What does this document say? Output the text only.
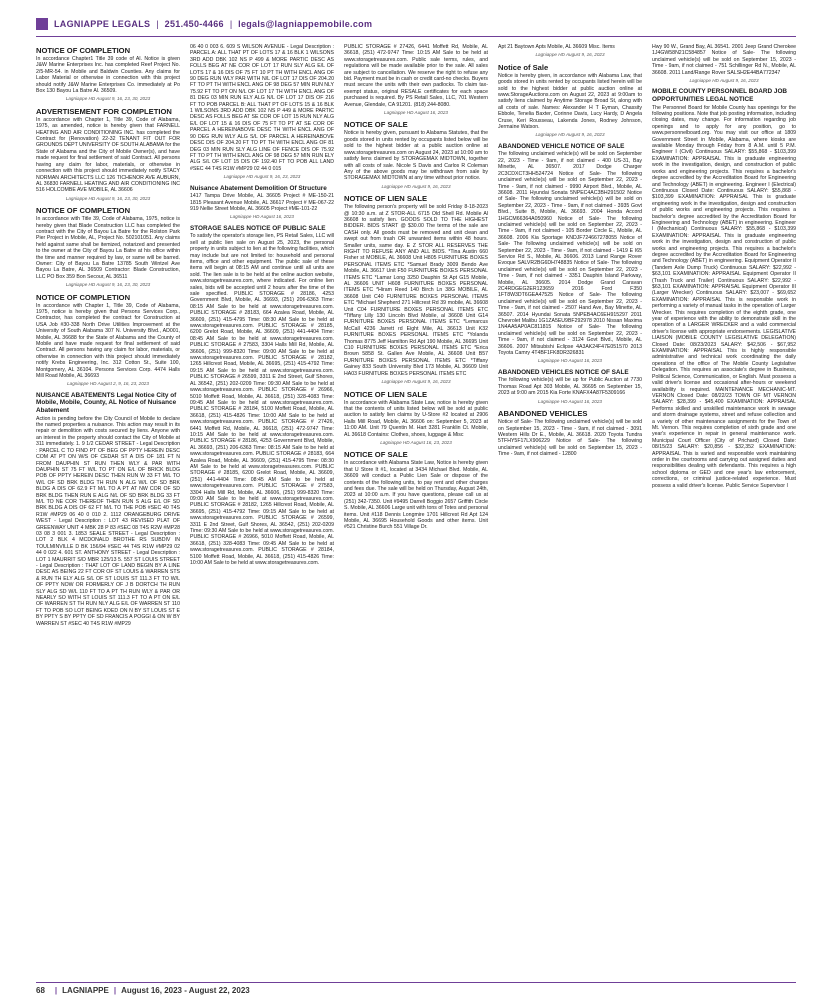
LAGNIAPPE LEGALS | 251.450-4466 | legals@lagniappemobile.com
NOTICE OF COMPLETION
In accordance Chapter1 Title 39 code of Al. Notice is given J&W Marine Enterprises Inc. has completed Reef Project No. 2/5-MR-54. in Mobile and Baldwin Counties. Any claims for Labor Material or otherwise in connection with this project should notify J&W Marine Enterprises Co. immediately at Po Box 130 Bayou La Batre Al. 36509.
Lagniappe HD August 9, 16, 23, 30, 2023
ADVERTISEMENT FOR COMPLETION
In accordance with Chapter 1, Title 39, Code of Alabama, 1975, as amended, notice is hereby given that FARNELL HEATING AND AIR CONDITIONING INC. has completed the Contract for (Renovation) 22-32 TENANT FIT OUT FOR GROUNDS DEPT UNIVERSITY OF SOUTH ALABAMA for the State of Alabama and the City of Mobile Owner(s), and have made request for final settlement of said Contract. All persons having any claim for labor, materials, or otherwise in connection with this project should immediately notify STACY NORMAN ARCHITECTS LLC 126 TICHENOR AVE AUBURN, AL 36830 FARNELL HEATING AND AIR CONDITIONING INC 516 HOLCOMBE AVE MOBILE, AL 36606
Lagniappe HD August 9, 16, 23, 30, 2023
NOTICE OF COMPLETION
In accordance with Title 39, Code of Alabama, 1975, notice is hereby given that Blade Construction LLC has completed the contract with the City of Bayou La Batre for the Rolston Park Pier Project in Mobile, AL, Project No. 502101051. Any claims held against same shall be itemized, notarized and presented to the owner at the City of Bayou La Batre at his office within the time and manner required by law, or same will be barred. Owner: City of Bayou La Batre 13785 South Wintzel Ave Bayou La Batre, AL 36509 Contractor: Blade Construction, LLC PO Box 359 Bon Secour, AL 36511
Lagniappe HD August 9, 16, 23, 30, 2023
NOTICE OF COMPLETION
In accordance with Chapter 1, Title 39, Code of Alabama, 1975, notice is hereby given that Persons Services Corp., Contractor, has completed the contract for Construction at USA Job #30-338 North Drive Utilities Improvement at the University of South Alabama 307 N. University Blvd., AD001, Mobile, AL 36688 for the State of Alabama and the County of Mobile and have made request for final settlement of said Contract. All persons having any claim for labor, materials, or otherwise in connection with this project should immediately notify Krebs Engineering, Inc. 312 Cotton St., Suite 100, Montgomery, AL 36104. Persons Services Corp. 4474 Halls Mill Road Mobile, AL 36693
Lagniappe HD August 2, 9, 16, 23, 2023
NUISANCE ABATEMENTS Legal Notice City of Mobile, Mobile, County, AL Notice of Nuisance Abatement
Action is pending before the City Council of Mobile to declare the named properties a nuisance. This action may result in its repair or demolition with costs secured by liens. Anyone with an interest in the property should contact the City of Mobile at 311 immediately. 1. 9 1/2 CEDAR STREET - Legal Description : PARCEL C TO FIND PT OF BEG OF PPTY HEREIN DESC COM AT PT ON W/S OF CEDAR ST A DIS OF 181 FT N FROM DAUPHIN ST RUN THEN WLY & PAR WITH DAUPHIN ST 75 FT W/L TO PT ON E/L OF BRICK BLDG POB OF PPTY HEREIN DESC THEN RUN W 33 FT M/L TO W/L OF SD BRK BLDG TH RUN N ALG W/L OF SD BRK BLDG A DIS OF 62.9 FT M/L TO A PT AT NW COR OF SD BRK BLDG THEN RUN E ALG N/L OF SD BRK BLDG 33 FT M/L TO NE COR THEREOF THEN RUN S ALG E/L OF SD BRK BLDG A DIS OF 62 FT M/L TO THE POB #SEC 40 T4S R1W #MP29 06 40 0 010 2. 1112 ORANGEBURG DRIVE WEST - Legal Description : LOT 43 REVISED PLAT OF GREENWAY UNIT 4 MBK 28 P 83 #SEC 08 T4S R2W #MP28 03 08 3 001 3. 1853 SEALE STREET - Legal Description : LOT 2 BLK 4 MCDONALD BROTHE RS SUBDIV IN TOULMINVILLE D BK 156/94 #SEC 44 T4S R1W #MP29 02 44 0 022 4. 601 ST. ANTHONY STREET - Legal Description : LOT 1 MAURRIT S/D MBR 125/13 5. 557 ST LOUIS STREET - Legal Description : THAT LOT OF LAND BEGIN BY A LINE DESC AS BEING 22 FT COR OF ST LOUIS & WARREN STS & RUN TH ELY ALG S/L OF ST LOUIS ST 111.3 FT TO W/L OF PPTY NOW OR FORMERLY OF J B DORTCH TH RUN SLY ALG SD W/L 110 FT TO A PT TH RUN WLY & PAR OR NEARLY SO WITH ST LOUIS ST 111.3 FT TO A PT ON E/L OF WARREN ST TH RUN NLY ALG E/L OF WARREN ST 110 FT TO POB SO LOT BEING KDED ON N BY ST LOUIS ST E BY PPTY S BY PPTY OF SD FRANCIS A POGGI & ON W BY WARREN ST #SEC 40 T4S R1W #MP29
06 40 0 003 6. 609 S WILSON AVENUE - Legal Description : PARCEL A: ALL THAT PT OF LOTS 17 & 16 BLK 1 WILSONS 3RD ADD DBK 102 NS P 499 & MORE PARTIC DESC AS FOLLS BEG AT NE COR OF LOT 17 RUN SLY ALG E/L OF LOTS 17 & 16 DIS OF 75 FT 10 PT TH WITH ENCL ANG OF 90 DEG RUN WLY PAR WITH N/L OF LOT 17 DIS OF 204.20 FT TO PT TH WITH ENCL ANG OF 98 DEG 57 MIN RUN NLY 75.92 FT TO PT ON N/L OF LOT 17 TH WITH ENCL ANG OF 81 DEG 03 MIN RUN ELY ALG N/L OF LOT 17 DIS OF 216 FT TO POB PARCEL B: ALL THAT PT OF LOTS 15 & 16 BLK 1 WILSONS 3RD ADD DBK 102 NS P 449 & MORE PARTIC DESC AS FOLLS BEG AT SE COR OF LOT 15 RUN NLY ALG E/L OF LOT 15 & 16 DIS OF 75 FT TO PT AT SE COR OF PARCEL A HEREINABOVE DESC TH WITH ENCL ANG OF 90 DEG RUN WLY ALG S/L OF PARCEL A HEREINABOVE DESC DIS OF 204.20 FT TO PT TH WITH ENCL ANG OF 81 DEG 03 MIN RUN SLY ALG LINE OF FENCE DIS OF 75.92 FT TO PT TH WITH ENCL ANG OF 98 DEG 57 MIN RUN ELY ALG S/L OF LOT 15 DIS OF 192.40 FT TO POB ALL LAND #SEC 44 T4S R1W #MP29 02 44 0 015
Lagniappe HD August 9, 16, 23, 2023
Nuisance Abatement Demolition Of Structure
1417 Tampa Drive Mobile, AL 36605 Project # ME-150-21 1815 Pleasant Avenue Mobile, AL 36617 Project # ME-067-22 919 Nellie Street Mobile, AL 36605 Project #ME-101-22
Lagniappe HD August 16, 2023
STORAGE SALES NOTICE OF PUBLIC SALE
To satisfy the operator's storage lien, PS Retail Sales, LLC will sell at public lien sale on August 25, 2023, the personal property in units subject to lien at the following facilities, which may include but are not limited to: household and personal items, office and other equipment. The public sale of these items will begin at 08:15 AM and continue until all units are sold. The lien sale is to be held at the online auction website, www.storagetreasures.com, where indicated. For online lien sales, bids will be accepted until 2 hours after the time of the sale specified. PUBLIC STORAGE # 28186, 4253 Government Blvd, Mobile, AL 36693, (251) 206-6363 Time: 08:15 AM Sale to be held at www.storagetreasures.com. PUBLIC STORAGE # 28183, 664 Azalea Road, Mobile, AL 36609, (251) 415-4795 Time: 08:30 AM Sale to be held at www.storagetreasures.com. PUBLIC STORAGE # 28185, 6200 Grelot Road, Mobile, AL 36609, (251) 441-4404 Time: 08:45 AM Sale to be held at www.storagetreasures.com. PUBLIC STORAGE # 27583, 3304 Halls Mill Rd, Mobile, AL 36606, (251) 999-8320 Time: 09:00 AM Sale to be held at www.storagetreasures.com. PUBLIC STORAGE # 28182, 1265 Hillcrest Road, Mobile, AL 36695, (251) 415-4792 Time: 09:15 AM Sale to be held at www.storagetreasures.com. PUBLIC STORAGE # 26599, 3311 E 2nd Street, Gulf Shores, AL 36542, (251) 202-0209 Time: 09:30 AM Sale to be held at www.storagetreasures.com. PUBLIC STORAGE # 26966, 5010 Moffett Road, Mobile, AL 36618, (251) 328-4083 Time: 09:45 AM Sale to be held at www.storagetreasures.com. PUBLIC STORAGE # 28184, 5100 Moffett Road, Mobile, AL 36618, (251) 415-4826 Time: 10:00 AM Sale to be held at www.storagetreasures.com. PUBLIC STORAGE # 27426, 6441 Moffett Rd, Mobile, AL 36618, (251) 472-9747 Time: 10:15 AM Sale to be held at www.storagetreasures.com. PUBLIC STORAGE # 28186, 4253 Government Blvd, Mobile, AL 36693, (251) 206-6363 Time: 08:15 AM Sale to be held at www.storagetreasures.com. PUBLIC STORAGE # 28183, 664 Azalea Road, Mobile, AL 36609, (251) 415-4795 Time: 08:30 AM Sale to be held at www.storagetreasures.com. PUBLIC STORAGE # 28185, 6200 Grelot Road, Mobile, AL 36609, (251) 441-4404 Time: 08:45 AM Sale to be held at www.storagetreasures.com. PUBLIC STORAGE # 27583, 3304 Halls Mill Rd, Mobile, AL 36606, (251) 999-8320 Time: 09:00 AM Sale to be held at www.storagetreasures.com. PUBLIC STORAGE # 28182, 1265 Hillcrest Road, Mobile, AL 36695, (251) 415-4792 Time: 09:15 AM Sale to be held at www.storagetreasures.com. PUBLIC STORAGE # 26599, 3311 E 2nd Street, Gulf Shores, AL 36542, (251) 202-0209 Time: 09:30 AM Sale to be held at www.storagetreasures.com. PUBLIC STORAGE # 26966, 5010 Moffett Road, Mobile, AL 36618, (251) 328-4083 Time: 09:45 AM Sale to be held at www.storagetreasures.com. PUBLIC STORAGE # 28184, 5100 Moffett Road, Mobile, AL 36618, (251) 415-4826 Time: 10:00 AM Sale to be held at www.storagetreasures.com.
PUBLIC STORAGE # 27426, 6441 Moffett Rd, Mobile, AL 36618, (251) 472-9747 Time: 10:15 AM Sale to be held at www.storagetreasures.com. Public sale terms, rules, and regulations will be made available prior to the sale. All sales are subject to cancellation. We reserve the right to refuse any bid. Payment must be in cash or credit card-no checks. Buyers must secure the units with their own padlocks. To claim tax-exempt status, original RESALE certificates for each space purchased is required. By PS Retail Sales, LLC, 701 Western Avenue, Glendale, CA 91201. (818) 244-8080.
Lagniappe HD August 16, 2023
NOTICE OF SALE
Notice is hereby given, pursuant to Alabama Statutes, that the goods stored in units rented by occupants listed below will be sold to the highest bidder at a public auction online at www.storagetreasures.com on August 24, 2023 at 10:00 am to satisfy liens claimed by STORAGEMAX MIDTOWN, together with all costs of sale. Nicole S Davis and Carlos R Coleman Any of the above goods may be withdrawn from sale by STORAGEMAX MIDTOWN at any time without prior notice.
Lagniappe HD August 9, 16, 2023
NOTICE OF LIEN SALE
The following person's property will be sold Friday 8-18-2023 @ 10:30 a.m. at Z STOR-ALL 6715 Old Shell Rd. Mobile Al 36608 to satisfy lien. GOODS SOLD TO THE HIGHEST BIDDER. BIDS START @ $30.00 The terms of the sale are CASH only. All goods must be removed and unit clean and swept out from trash OR unwanted items within 48 hours. Smaller units, same day. E Z STOR ALL RESERVES THE RIGHT TO REFUSE ANY AND ALL BIDS. *Tina Austin 660 Fisher st MOBILE, AL 36608 Unit H805 FURNITURE BOXES PERSONAL ITEMS ETC *Samuel Brady 3009 Bendo Ave Mobile, AL 36617 Unit F50 FURNITURE BOXES PERSONAL ITEMS ETC *Lamar Long 3250 Dauphin St Apt G15 Mobile, AL 36606 UNIT H608 FURNITURE BOXES PERSONAL ITEMS ETC *Hiram Reed 140 Birch Ln 38G MOBILE, AL 36608 Unit C40 FURNITURE BOXES PERSONAL ITEMS ETC *Michael Shepherd 271 Hillcrest Rd 39 mobile, AL 36608 Unit C04 FURNITURE BOXES PERSONAL ITEMS ETC *Tiffany Lilly 130 Lincoln Blvd Mobile, al 36608 Unit G14 FURNITURE BOXES PERSONAL ITEMS ETC *Lemarcus McCall 4236 Jarrett rd Eight Mile, AL 36613 Unit K32 FURNITURE BOXES PERSONAL ITEMS ETC *Yolanda Thomas 8775 Jeff Hamilton Rd Apt 190 Mobile, AL 36695 Unit C10 FURNITURE BOXES PERSONAL ITEMS ETC *Erica Brown 5858 St. Gallen Ave Mobile, AL 36608 Unit B57 FURNITURE BOXES PERSONAL ITEMS ETC *Tiffany Gainey 833 South University Blvd 173 Mobile, AL 36609 Unit HA03 FURNITURE BOXES PERSONAL ITEMS ETC
Lagniappe HD August 9, 16, 2023
NOTICE OF LIEN SALE
In accordance with Alabama State Law, notice is hereby given that the contents of units listed below will be sold at public auction to satisfy lien claims by U-Store #2 located at 2906 Halls Mill Road, Mobile, AL 36606 on: September 5, 2023 at 11:00 AM. Unit 79 Quentin M. Hart 3281 Franklin Ct. Mobile, AL 36618 Contains: Clothes, shoes, luggage & Misc
Lagniappe HD August 16, 23, 2023
NOTICE OF SALE
In accordance with Alabama State Law, Notice is hereby given that U Store It #1, located at 3434 Michael Blvd. Mobile, AL 36609 will conduct a Public Lien Sale or dispose of the contents of the following units, to pay rent and other charges and fees due. The sale will be held on Thursday, August 24th, 2023 at 10:00 a.m. If you have questions, please call us at (251) 342-7350. Unit #9495 Darrell Boggio 2657 Griffith Circle S. Mobile, AL 36606 Large unit with tons of Totes and personal items. Unit #118 Dennis Longmire 1701 Hillcrest Rd Apt 124 Mobile, AL 36695 Household Goods and other items. Unit #521 Christine Burch 551 Village Dr.
Apt 21 Baytown Apts Mobile, AL 36609 Misc. Items
Lagniappe HD August 9, 16, 2023
Notice of Sale
Notice is hereby given, in accordance with Alabama Law, that goods stored in units rented by occupants listed herein will be sold to the highest bidder at public auction online at www.StorageAuctions.com on August 22, 2023 at 9:00am to satisfy liens claimed by Anytime Storage Broad St, along with all costs of sale. Names: Alexander H T Eyman, Chassity Ebbole, Tenelia Baxter, Corinne Davis, Lucy Hardy, D Angela Cruse, Keri Rousseau, Lakenda Jones, Rodney Johnson, Jermaine Watson.
Lagniappe HD August 9, 16, 2023
ABANDONED VEHICLE NOTICE OF SALE
The following unclaimed vehicle(s) will be sold on September 22, 2023 - Time - 9am, if not claimed - 400 US-31, Bay Minette, AL 36507. 2017 Dodge Charger 2C3CDXCT3HH524724 Notice of Sale- The following unclaimed vehicle(s) will be sold on September 22, 2023 - Time - 9am, if not claimed - 9990 Airport Blvd., Mobile, AL 36608. 2011 Hyundai Sonata 5NPEC4AC3BH291502 Notice of Sale- The following unclaimed vehicle(s) will be sold on September 22, 2023 - Time - 9am, if not claimed - 3935 Govt Blvd., Suite B, Mobile, AL 36693. 2004 Honda Accord 1HGCM66364A050960 Notice of Sale- The following unclaimed vehicle(s) will be sold on September 22, 2023 - Time - 9am, if not claimed - 105 Border Circle E., Mobile, AL 36608. 2006 Kia Sportage KNDJF724667278055 Notice of Sale- The following unclaimed vehicle(s) will be sold on September 22, 2023 - Time - 9am, if not claimed - 1419 E I65 Service Rd S., Mobile, AL 36606. 2013 Land Range Rover Evoque SALVR2BG6DH748835 Notice of Sale- The following unclaimed vehicle(s) will be sold on September 22, 2023 - Time - 9am, if not claimed - 3351 Dauphin Island Parkway, Mobile, AL 36605. 2014 Dodge Grand Caravan 2C4RDGEG2ER123659 2016 Ford F350 1FT8W3DT6GEA47525 Notice of Sale- The following unclaimed vehicle(s) will be sold on September 22, 2023 - Time - 9am, if not claimed - 2507 Hand Ave, Bay Minette, AL 36507. 2014 Hyundai Sonata 5NPEB4AC6EH915297 2011 Chevrolet Malibu 1G1ZA5EU9BF292978 2010 Nissan Maxima 1N4AA5AP0AC811815 Notice of Sale- The following unclaimed vehicle(s) will be sold on September 22, 2023 - Time - 9am, if not claimed - 3124 Govt Blvd., Mobile, AL 36606. 2007 Mitsubishi Eclipse 4A3AK24F47E051570 2013 Toyota Camry 4T4BF1FK8DR326831
Lagniappe HD August 16, 2023
ABANDONED VEHICLES NOTICE OF SALE
The following vehicle(s) will be up for Public Auction at 7730 Thomas Road Apt 303 Mobile, AL 36695 on September 15, 2023 at 9:00 am 2015 Kia Forte KNAFX4A87F5309166
Lagniappe HD August 16, 2023
ABANDONED VEHICLES
Notice of Sale- The following unclaimed vehicle(s) will be sold on September 15, 2023 - Time - 9am, if not claimed - 3091 Western Hills Dr E., Mobile, AL 36618. 2020 Toyota Tundra 5TFHY5F17LX906229 Notice of Sale- The following unclaimed vehicle(s) will be sold on September 15, 2023 - Time - 9am, if not claimed - 12800
Hwy 90 W., Grand Bay, AL 36541. 2001 Jeep Grand Cherokee 1J4GW58N21C584857 Notice of Sale- The following unclaimed vehicle(s) will be sold on September 15, 2023 - Time - 9am, if not claimed - 751 Schillinger Rd N., Mobile, AL 36608. 2011 Land/Range Rover SALSH2E44BA772347
Lagniappe HD August 9, 16, 2023
MOBILE COUNTY PERSONNEL BOARD JOB OPPORTUNITIES LEGAL NOTICE
The Personnel Board for Mobile County has openings for the following positions. Note that job posting information, including closing dates, may change. For information regarding job openings and to apply for any position, go to www.personnelboard.org. You may visit our office at 1809 Government Street in Mobile, Alabama, where kiosks are available Monday through Friday from 8 A.M. until 5 P.M. Engineer I (Civil) Continuous SALARY: $55,868 - $103,399 EXAMINATION: APPRAISAL This is graduate engineering work in the investigation, design, and construction of public works and engineering projects. This requires a bachelor's degree accredited by the Accreditation Board for Engineering and Technology (ABET) in engineering. Engineer I (Electrical) Continuous Closed Date: Continuous SALARY: $55,868 - $103,399 EXAMINATION: APPRAISAL This is graduate engineering work in the investigation, design and construction of public works and engineering projects. This requires a bachelor's degree accredited by the Accreditation Board for Engineering and Technology (ABET) in engineering. Engineer I (Mechanical) Continuous SALARY: $55,868 - $103,399 EXAMINATION: APPRAISAL This is graduate engineering work in the investigation, design and construction of public works and engineering projects. This requires a bachelor's degree accredited by the Accreditation Board for Engineering and Technology (ABET) in engineering. Equipment Operator II (Tandem Axle Dump Truck) Continuous SALARY: $22,992 - $63,101 EXAMINATION: APPRAISAL Equipment Operator II (Trash Truck and Trailer) Continuous SALARY: $22,992 - $63,101 EXAMINATION: APPRAISAL Equipment Operator III (Larger Wrecker) Continuous SALARY: $23,007 - $69,652 EXAMINATION: APPRAISAL This is responsible work in performing a variety of manual tasks in the operation of Larger Wrecker. This requires completion of the eighth grade, one year of experience with the ability to demonstrate skill in the operation of a LARGER WRECKER and a valid commercial driver's license with appropriate endorsements. LEGISLATIVE LIAISON (MOBILE COUNTY LEGISLATIVE DELEGATION) Closed Date: 08/23/2023 SALARY: $42,506 - $67,952 EXAMINATION: APPRAISAL This is highly responsible administrative and technical work coordinating the daily operations of the office of The Mobile County Legislative Delegation. This requires an associate's degree in Business, Political Science, Communication, or English. Must possess a valid driver's license and occasional after-hours or weekend availability is required. MAINTENANCE MECHANIC-MT. VERNON Closed Date: 08/22/23 TOWN OF MT VERNON SALARY: $28,399 - $45,400 EXAMINATION: APPRAISAL Performs skilled and unskilled maintenance work in sewage and storm drainage systems, street and refuse collection and a variety of other maintenance assignments for the Town of Mt. Vernon. This requires completion of sixth grade and one year's experience in repair in general maintenance work. Municipal Court Officer (City of Prichard) Closed Date: 08/15/23 SALARY: $20,856 - $32,352 EXAMINATION: APPRAISAL This is varied and responsible work maintaining order in the courtrooms and carrying out assigned duties and responsibilities dealing with defendants. This requires a high school diploma or GED and one year's law enforcement, corrections, or criminal justice-related experience. Must possess a valid driver's license. Public Service Supervisor I
68 | LAGNIAPPE | August 16, 2023 - August 22, 2023
